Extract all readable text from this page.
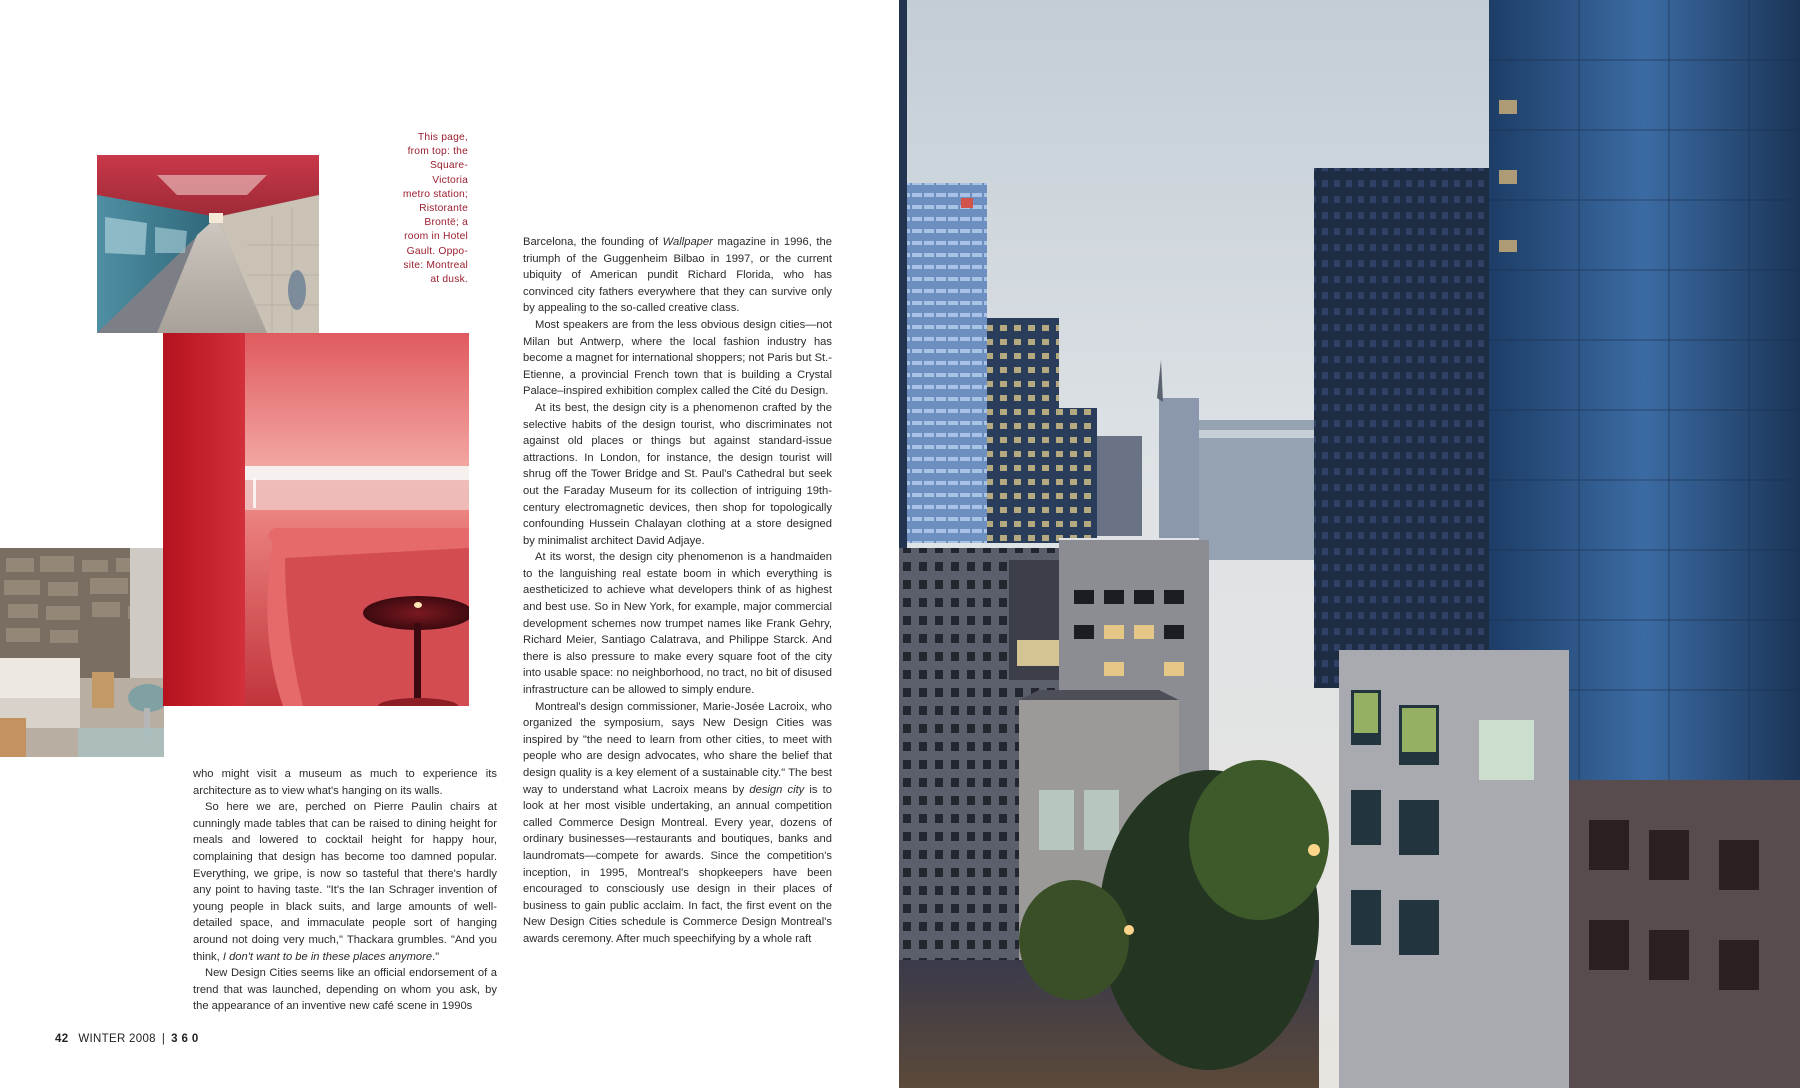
This page,
from top: the
Square-
Victoria
metro station;
Ristorante
Brontë; a
room in Hotel
Gault. Oppo-
site: Montreal
at dusk.

Barcelona, the founding of Wallpaper magazine in 1996, the triumph of the Guggenheim Bilbao in 1997, or the current ubiquity of American pundit Richard Florida, who has convinced city fathers everywhere that they can survive only by appealing to the so-called creative class.

Most speakers are from the less obvious design cities—not Milan but Antwerp, where the local fashion industry has become a magnet for international shoppers; not Paris but St.-Etienne, a provincial French town that is building a Crystal Palace–inspired exhibition complex called the Cité du Design.

At its best, the design city is a phenomenon crafted by the selective habits of the design tourist, who discriminates not against old places or things but against standard-issue attractions. In London, for instance, the design tourist will shrug off the Tower Bridge and St. Paul's Cathedral but seek out the Faraday Museum for its collection of intriguing 19th-century electromagnetic devices, then shop for topologically confounding Hussein Chalayan clothing at a store designed by minimalist architect David Adjaye.

At its worst, the design city phenomenon is a handmaiden to the languishing real estate boom in which everything is aestheticized to achieve what developers think of as highest and best use. So in New York, for example, major commercial development schemes now trumpet names like Frank Gehry, Richard Meier, Santiago Calatrava, and Philippe Starck. And there is also pressure to make every square foot of the city into usable space: no neighborhood, no tract, no bit of disused infrastructure can be allowed to simply endure.

Montreal's design commissioner, Marie-Josée Lacroix, who organized the symposium, says New Design Cities was inspired by "the need to learn from other cities, to meet with people who are design advocates, who share the belief that design quality is a key element of a sustainable city." The best way to understand what Lacroix means by design city is to look at her most visible undertaking, an annual competition called Commerce Design Montreal. Every year, dozens of ordinary businesses—restaurants and boutiques, banks and laundromats—compete for awards. Since the competition's inception, in 1995, Montreal's shopkeepers have been encouraged to consciously use design in their places of business to gain public acclaim. In fact, the first event on the New Design Cities schedule is Commerce Design Montreal's awards ceremony. After much speechifying by a whole raft

who might visit a museum as much to experience its architecture as to view what's hanging on its walls.

So here we are, perched on Pierre Paulin chairs at cunningly made tables that can be raised to dining height for meals and lowered to cocktail height for happy hour, complaining that design has become too damned popular. Everything, we gripe, is now so tasteful that there's hardly any point to having taste. "It's the Ian Schrager invention of young people in black suits, and large amounts of well-detailed space, and immaculate people sort of hanging around not doing very much," Thackara grumbles. "And you think, I don't want to be in these places anymore."

New Design Cities seems like an official endorsement of a trend that was launched, depending on whom you ask, by the appearance of an inventive new café scene in 1990s

42 WINTER 2008 | 360
